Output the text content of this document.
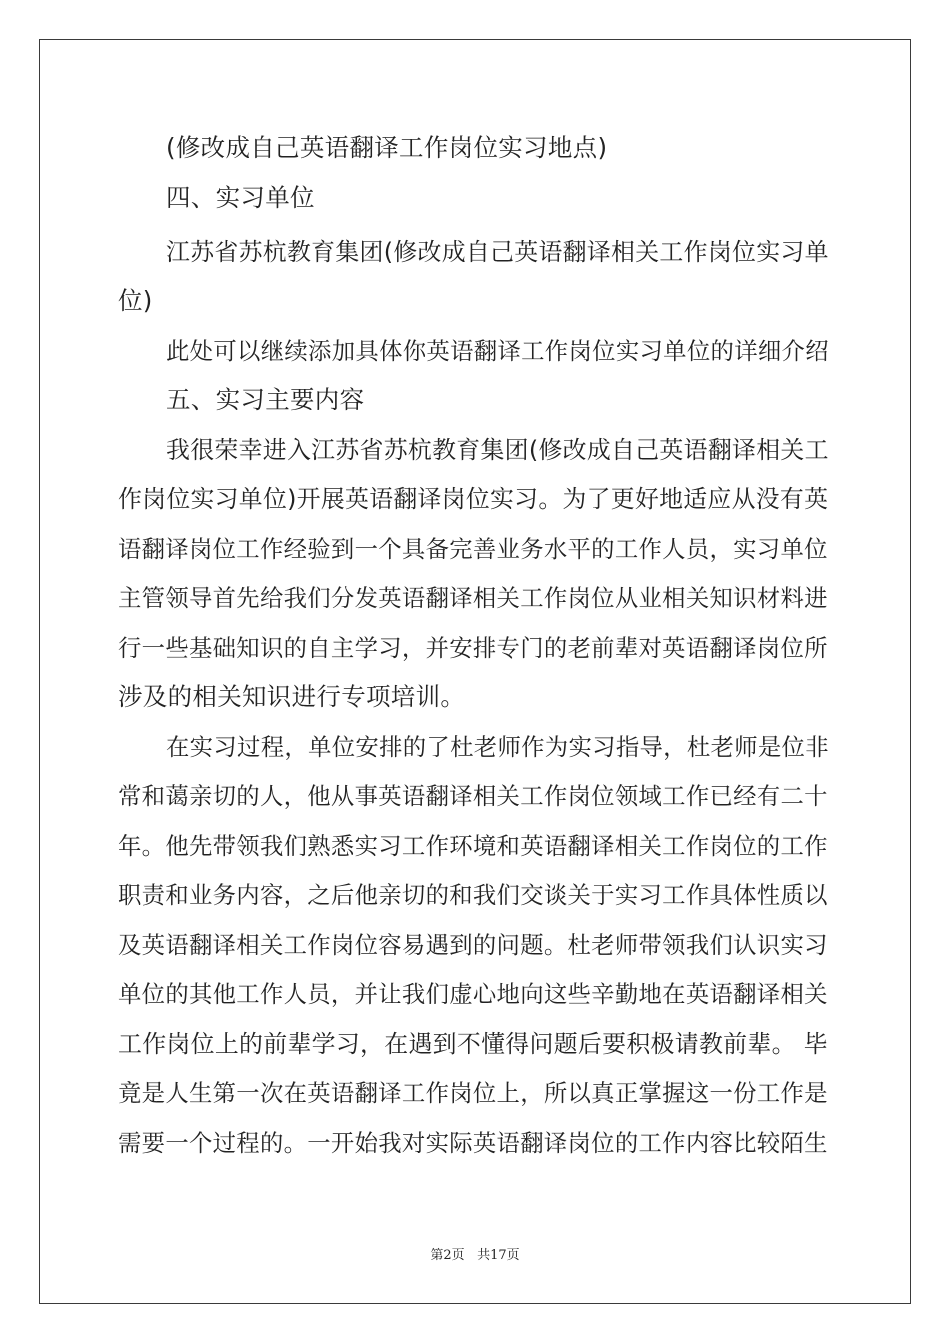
(修改成自己英语翻译工作岗位实习地点)
四、实习单位
江苏省苏杭教育集团(修改成自己英语翻译相关工作岗位实习单
位)
此处可以继续添加具体你英语翻译工作岗位实习单位的详细介绍
五、实习主要内容
我很荣幸进入江苏省苏杭教育集团(修改成自己英语翻译相关工
作岗位实习单位)开展英语翻译岗位实习。为了更好地适应从没有英
语翻译岗位工作经验到一个具备完善业务水平的工作人员，实习单位
主管领导首先给我们分发英语翻译相关工作岗位从业相关知识材料进
行一些基础知识的自主学习，并安排专门的老前辈对英语翻译岗位所
涉及的相关知识进行专项培训。
在实习过程，单位安排的了杜老师作为实习指导，杜老师是位非
常和蔼亲切的人，他从事英语翻译相关工作岗位领域工作已经有二十
年。他先带领我们熟悉实习工作环境和英语翻译相关工作岗位的工作
职责和业务内容，之后他亲切的和我们交谈关于实习工作具体性质以
及英语翻译相关工作岗位容易遇到的问题。杜老师带领我们认识实习
单位的其他工作人员，并让我们虚心地向这些辛勤地在英语翻译相关
工作岗位上的前辈学习，在遇到不懂得问题后要积极请教前辈。 毕
竟是人生第一次在英语翻译工作岗位上，所以真正掌握这一份工作是
需要一个过程的。一开始我对实际英语翻译岗位的工作内容比较陌生
第2页 共17页
